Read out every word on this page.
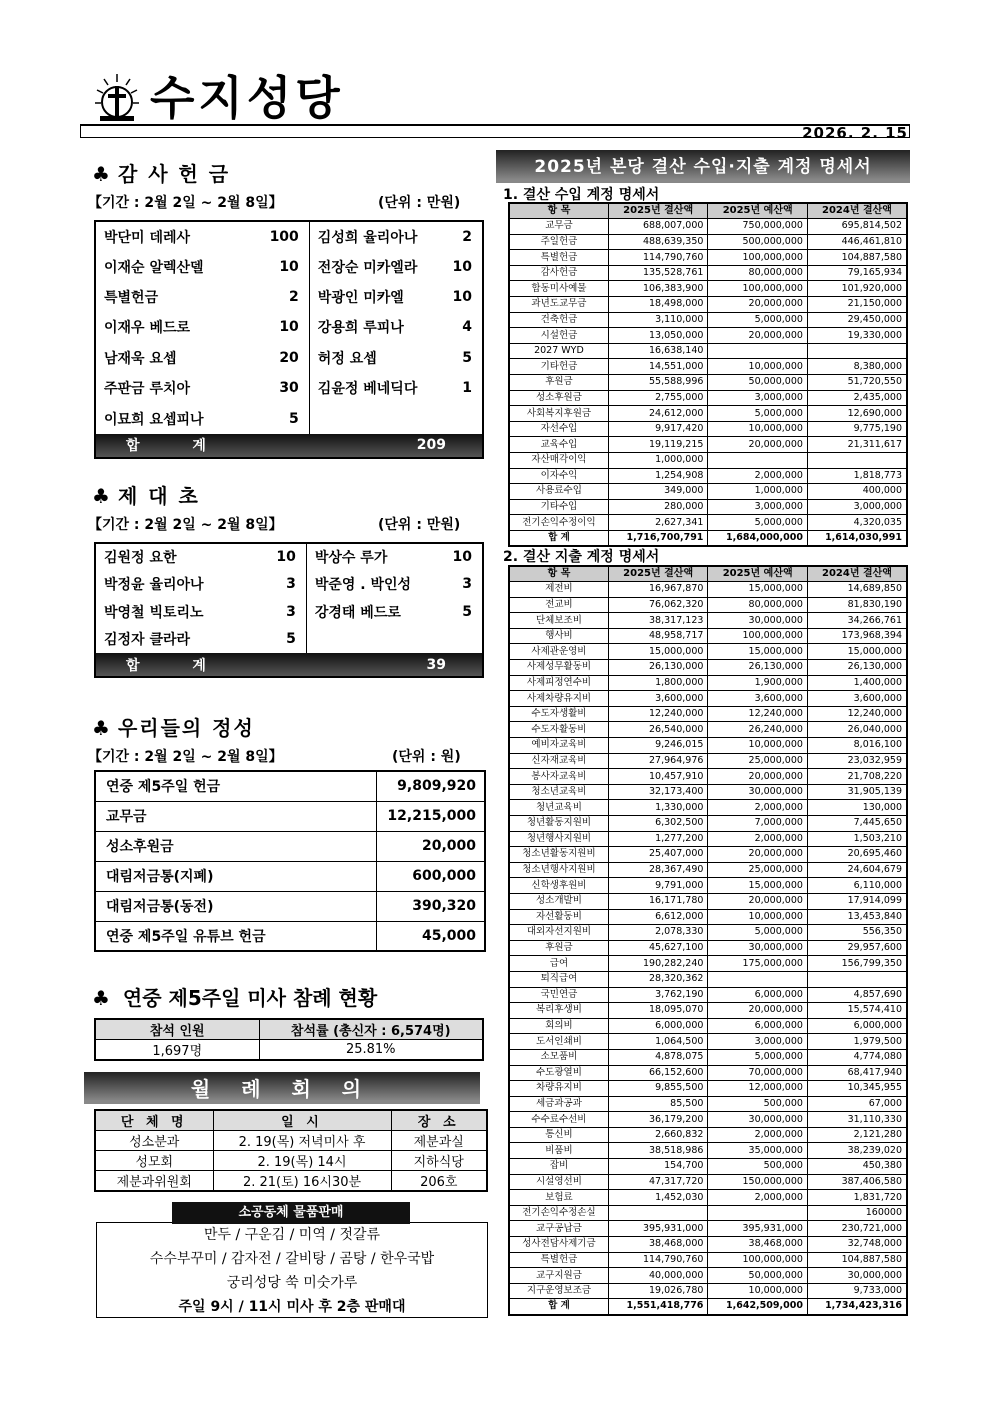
수지성당
2026. 2. 15
♣ 감 사 헌 금
【기간 : 2월 2일 ~ 2월 8일】	(단위 : 만원)
박단미 데레사	100	김성희 율리아나	2
이재순 알렉산델	10	전장순 미카엘라	10
특별헌금	2	박광인 미카엘	10
이재우 베드로	10	강용희 루피나	4
남재욱 요셉	20	허정 요셉	5
주판금 루치아	30	김윤정 베네딕다	1
이묘희 요셉피나	5		
합 계	209		
♣ 제 대 초
【기간 : 2월 2일 ~ 2월 8일】	(단위 : 만원)
김원정 요한	10	박상수 루가	10
박정윤 율리아나	3	박준영 . 박인성	3
박영철 빅토리노	3	강경태 베드로	5
김정자 클라라	5		
합 계	39		
♣ 우리들의 정성
【기간 : 2월 2일 ~ 2월 8일】	(단위 : 원)
연중 제5주일 헌금	9,809,920
교무금	12,215,000
성소후원금	20,000
대림저금통(지폐)	600,000
대림저금통(동전)	390,320
연중 제5주일 유튜브 헌금	45,000
♣ 연중 제5주일 미사 참례 현황
참석 인원	참석률 (총신자 : 6,574명)
1,697명	25.81%
월 례 회 의
단 체 명	일 시	장 소
성소분과	2. 19(목) 저녁미사 후	제분과실
성모회	2. 19(목) 14시	지하식당
제분과위원회	2. 21(토) 16시30분	206호
만두 / 구운김 / 미역 / 젓갈류
수수부꾸미 / 감자전 / 갈비탕 / 곰탕 / 한우국밥
궁리성당 쑥 미숫가루
주일 9시 / 11시 미사 후 2층 판매대
소공동체 물품판매
2025년 본당 결산 수입·지출 계정 명세서
1. 결산 수입 계정 명세서
항 목	2025년 결산액	2025년 예산액	2024년 결산액
교무금	688,007,000	750,000,000	695,814,502
주일헌금	488,639,350	500,000,000	446,461,810
특별헌금	114,790,760	100,000,000	104,887,580
감사헌금	135,528,761	80,000,000	79,165,934
합동미사예물	106,383,900	100,000,000	101,920,000
과년도교무금	18,498,000	20,000,000	21,150,000
건축헌금	3,110,000	5,000,000	29,450,000
시설헌금	13,050,000	20,000,000	19,330,000
2027 WYD	16,638,140		
기타헌금	14,551,000	10,000,000	8,380,000
후원금	55,588,996	50,000,000	51,720,550
성소후원금	2,755,000	3,000,000	2,435,000
사회복지후원금	24,612,000	5,000,000	12,690,000
자선수입	9,917,420	10,000,000	9,775,190
교육수입	19,119,215	20,000,000	21,311,617
자산매각이익	1,000,000		
이자수익	1,254,908	2,000,000	1,818,773
사용료수입	349,000	1,000,000	400,000
기타수입	280,000	3,000,000	3,000,000
전기손익수정이익	2,627,341	5,000,000	4,320,035
합 계	1,716,700,791	1,684,000,000	1,614,030,991
2. 결산 지출 계정 명세서
항 목	2025년 결산액	2025년 예산액	2024년 결산액
제전비	16,967,870	15,000,000	14,689,850
전교비	76,062,320	80,000,000	81,830,190
단체보조비	38,317,123	30,000,000	34,266,761
행사비	48,958,717	100,000,000	173,968,394
사제관운영비	15,000,000	15,000,000	15,000,000
사제성무활동비	26,130,000	26,130,000	26,130,000
사제피정연수비	1,800,000	1,900,000	1,400,000
사제차량유지비	3,600,000	3,600,000	3,600,000
수도자생활비	12,240,000	12,240,000	12,240,000
수도자활동비	26,540,000	26,240,000	26,040,000
예비자교육비	9,246,015	10,000,000	8,016,100
신자재교육비	27,964,976	25,000,000	23,032,959
봉사자교육비	10,457,910	20,000,000	21,708,220
청소년교육비	32,173,400	30,000,000	31,905,139
청년교육비	1,330,000	2,000,000	130,000
청년활동지원비	6,302,500	7,000,000	7,445,650
청년행사지원비	1,277,200	2,000,000	1,503,210
청소년활동지원비	25,407,000	20,000,000	20,695,460
청소년행사지원비	28,367,490	25,000,000	24,604,679
신학생후원비	9,791,000	15,000,000	6,110,000
성소개발비	16,171,780	20,000,000	17,914,099
자선활동비	6,612,000	10,000,000	13,453,840
대외자선지원비	2,078,330	5,000,000	556,350
후원금	45,627,100	30,000,000	29,957,600
급여	190,282,240	175,000,000	156,799,350
퇴직급여	28,320,362		
국민연금	3,762,190	6,000,000	4,857,690
복리후생비	18,095,070	20,000,000	15,574,410
회의비	6,000,000	6,000,000	6,000,000
도서인쇄비	1,064,500	3,000,000	1,979,500
소모품비	4,878,075	5,000,000	4,774,080
수도광열비	66,152,600	70,000,000	68,417,940
차량유지비	9,855,500	12,000,000	10,345,955
세금과공과	85,500	500,000	67,000
수수료수선비	36,179,200	30,000,000	31,110,330
통신비	2,660,832	2,000,000	2,121,280
비품비	38,518,986	35,000,000	38,239,020
잡비	154,700	500,000	450,380
시설영선비	47,317,720	150,000,000	387,406,580
보험료	1,452,030	2,000,000	1,831,720
전기손익수정손실			160000
교구공납금	395,931,000	395,931,000	230,721,000
성사전담사제기금	38,468,000	38,468,000	32,748,000
특별헌금	114,790,760	100,000,000	104,887,580
교구지원금	40,000,000	50,000,000	30,000,000
지구운영보조금	19,026,780	10,000,000	9,733,000
합 계	1,551,418,776	1,642,509,000	1,734,423,316
